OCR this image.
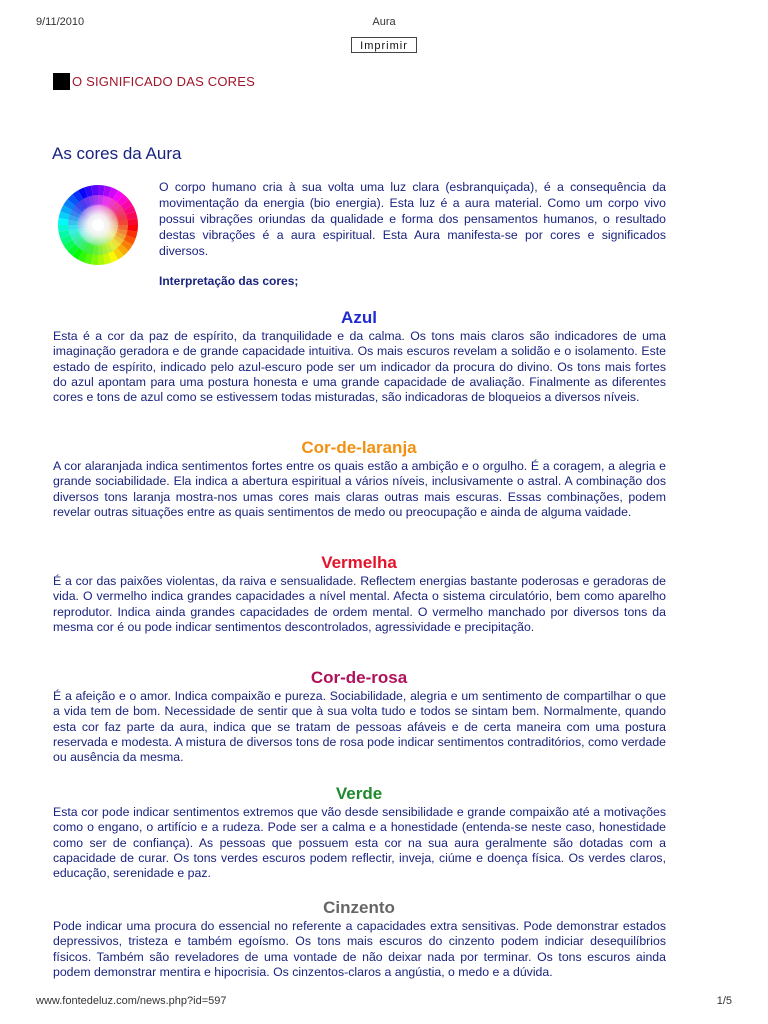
9/11/2010	Aura
Imprimir
O SIGNIFICADO DAS CORES
As cores da Aura

O corpo humano cria à sua volta uma luz clara (esbranquiçada), é a consequência da movimentação da energia (bio energia). Esta luz é a aura material. Como um corpo vivo possui vibrações oriundas da qualidade e forma dos pensamentos humanos, o resultado destas vibrações é a aura espiritual. Esta Aura manifesta-se por cores e significados diversos.

Interpretação das cores;

Azul

Esta é a cor da paz de espírito, da tranquilidade e da calma. Os tons mais claros são indicadores de uma imaginação geradora e de grande capacidade intuitiva. Os mais escuros revelam a solidão e o isolamento. Este estado de espírito, indicado pelo azul-escuro pode ser um indicador da procura do divino. Os tons mais fortes do azul apontam para uma postura honesta e uma grande capacidade de avaliação. Finalmente as diferentes cores e tons de azul como se estivessem todas misturadas, são indicadoras de bloqueios a diversos níveis.

Cor-de-laranja

A cor alaranjada indica sentimentos fortes entre os quais estão a ambição e o orgulho. É a coragem, a alegria e grande sociabilidade. Ela indica a abertura espiritual a vários níveis, inclusivamente o astral. A combinação dos diversos tons laranja mostra-nos umas cores mais claras outras mais escuras. Essas combinações, podem revelar outras situações entre as quais sentimentos de medo ou preocupação e ainda de alguma vaidade.

Vermelha

É a cor das paixões violentas, da raiva e sensualidade. Reflectem energias bastante poderosas e geradoras de vida. O vermelho indica grandes capacidades a nível mental. Afecta o sistema circulatório, bem como aparelho reprodutor. Indica ainda grandes capacidades de ordem mental. O vermelho manchado por diversos tons da mesma cor é ou pode indicar sentimentos descontrolados, agressividade e precipitação.

Cor-de-rosa

É a afeição e o amor. Indica compaixão e pureza. Sociabilidade, alegria e um sentimento de compartilhar o que a vida tem de bom. Necessidade de sentir que à sua volta tudo e todos se sintam bem. Normalmente, quando esta cor faz parte da aura, indica que se tratam de pessoas afáveis e de certa maneira com uma postura reservada e modesta. A mistura de diversos tons de rosa pode indicar sentimentos contraditórios, como verdade ou ausência da mesma.

Verde

Esta cor pode indicar sentimentos extremos que vão desde sensibilidade e grande compaixão até a motivações como o engano, o artifício e a rudeza. Pode ser a calma e a honestidade (entenda-se neste caso, honestidade como ser de confiança). As pessoas que possuem esta cor na sua aura geralmente são dotadas com a capacidade de curar. Os tons verdes escuros podem reflectir, inveja, ciúme e doença física. Os verdes claros, educação, serenidade e paz.

Cinzento

Pode indicar uma procura do essencial no referente a capacidades extra sensitivas. Pode demonstrar estados depressivos, tristeza e também egoísmo. Os tons mais escuros do cinzento podem indiciar desequilíbrios físicos. Também são reveladores de uma vontade de não deixar nada por terminar. Os tons escuros ainda podem demonstrar mentira e hipocrisia. Os cinzentos-claros a angústia, o medo e a dúvida.

www.fontedeluz.com/news.php?id=597	1/5
